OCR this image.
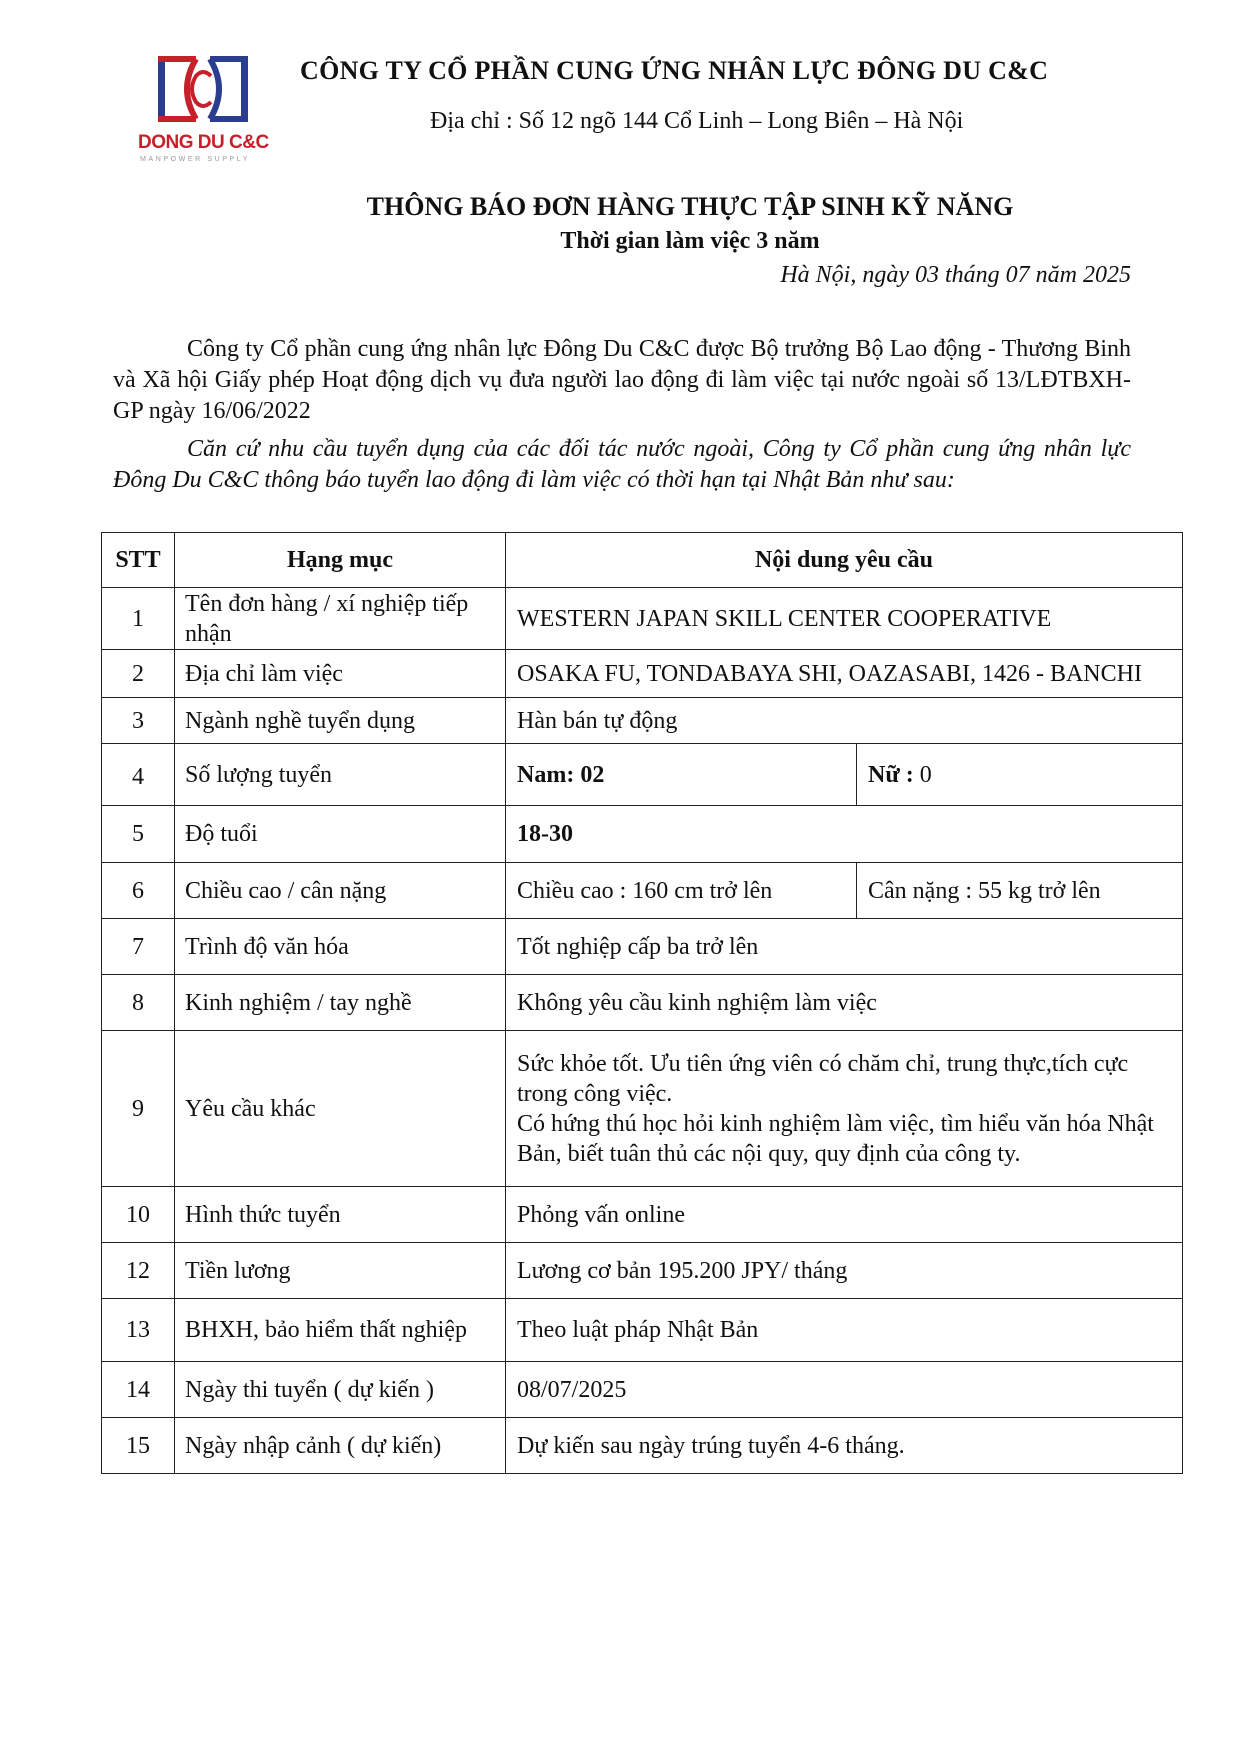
DONG DU C&C
MANPOWER SUPPLY
CÔNG TY CỔ PHẦN CUNG ỨNG NHÂN LỰC ĐÔNG DU C&C
Địa chỉ : Số 12 ngõ 144 Cổ Linh – Long Biên – Hà Nội
THÔNG BÁO ĐƠN HÀNG THỰC TẬP SINH KỸ NĂNG
Thời gian làm việc 3 năm
Hà Nội, ngày 03 tháng 07 năm 2025
Công ty Cổ phần cung ứng nhân lực Đông Du C&C được Bộ trưởng Bộ Lao động - Thương Binh và Xã hội Giấy phép Hoạt động dịch vụ đưa người lao động đi làm việc tại nước ngoài số 13/LĐTBXH-GP ngày 16/06/2022
Căn cứ nhu cầu tuyển dụng của các đối tác nước ngoài, Công ty Cổ phần cung ứng nhân lực Đông Du C&C thông báo tuyển lao động đi làm việc có thời hạn tại Nhật Bản như sau:
STT	Hạng mục	Nội dung yêu cầu	
1	Tên đơn hàng / xí nghiệp tiếp nhận	WESTERN JAPAN SKILL CENTER COOPERATIVE	
2	Địa chỉ làm việc	OSAKA FU, TONDABAYA SHI, OAZASABI, 1426 - BANCHI	
3	Ngành nghề tuyển dụng	Hàn bán tự động	
4	Số lượng tuyển	Nam: 02	Nữ : 0
5	Độ tuổi	18-30	
6	Chiều cao / cân nặng	Chiều cao : 160 cm trở lên	Cân nặng : 55 kg trở lên
7	Trình độ văn hóa	Tốt nghiệp cấp ba trở lên	
8	Kinh nghiệm / tay nghề	Không yêu cầu kinh nghiệm làm việc	
9	Yêu cầu khác	Sức khỏe tốt. Ưu tiên ứng viên có chăm chỉ, trung thực,tích cực trong công việc.
Có hứng thú học hỏi kinh nghiệm làm việc, tìm hiểu văn hóa Nhật Bản, biết tuân thủ các nội quy, quy định của công ty.	

10	Hình thức tuyển	Phỏng vấn online	
12	Tiền lương	Lương cơ bản 195.200 JPY/ tháng	
13	BHXH, bảo hiểm thất nghiệp	Theo luật pháp Nhật Bản	
14	Ngày thi tuyển ( dự kiến )	08/07/2025	
15	Ngày nhập cảnh ( dự kiến)	Dự kiến sau ngày trúng tuyển 4-6 tháng.	
